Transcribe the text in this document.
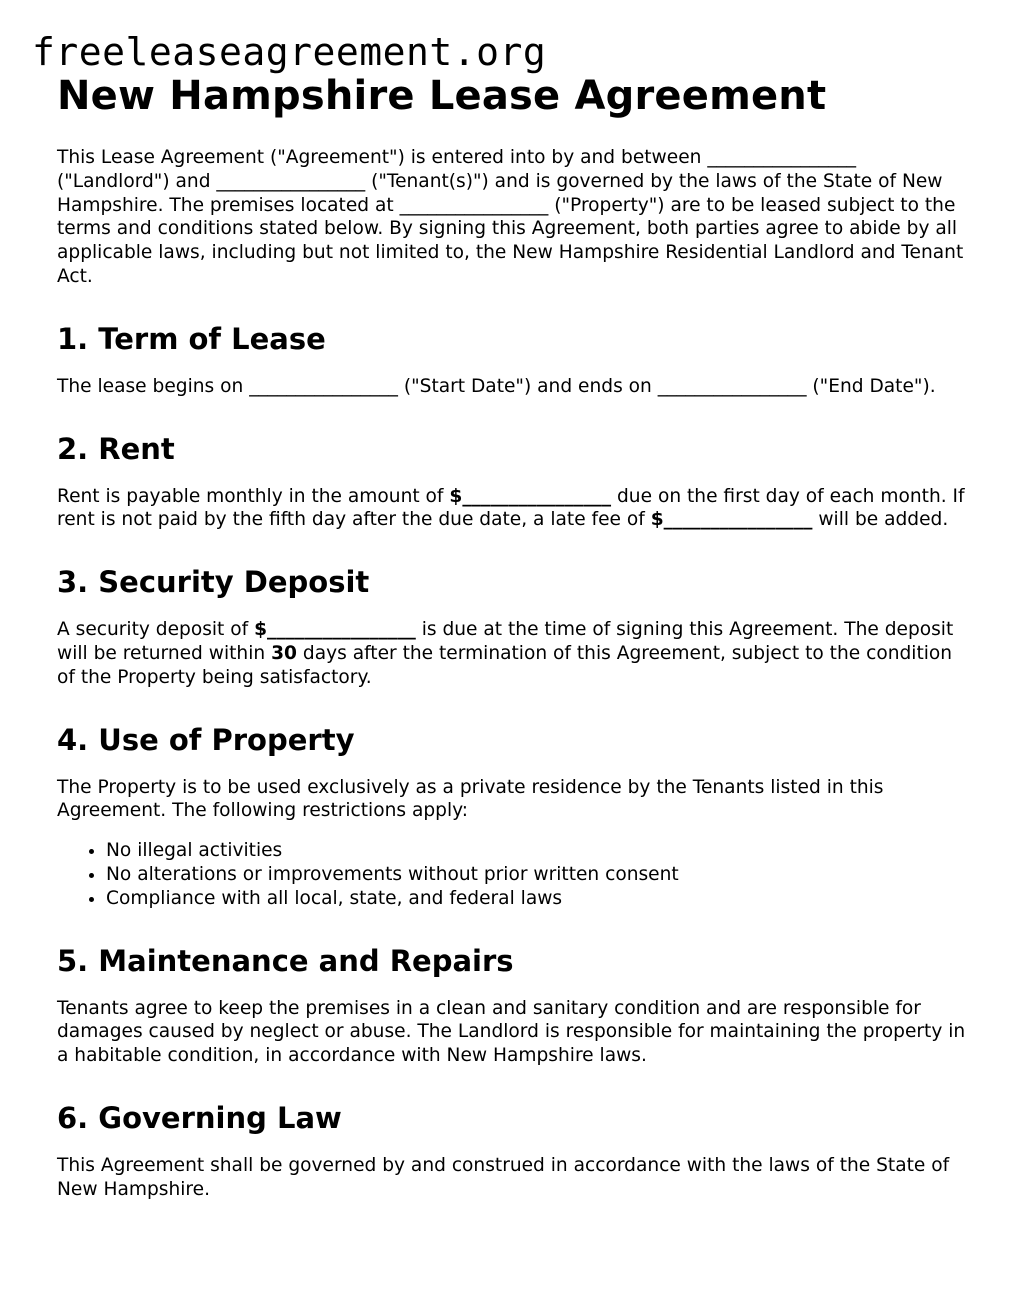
freeleaseagreement.org
New Hampshire Lease Agreement

This Lease Agreement ("Agreement") is entered into by and between ________________ ("Landlord") and ________________ ("Tenant(s)") and is governed by the laws of the State of New Hampshire. The premises located at ________________ ("Property") are to be leased subject to the terms and conditions stated below. By signing this Agreement, both parties agree to abide by all applicable laws, including but not limited to, the New Hampshire Residential Landlord and Tenant Act.

1. Term of Lease

The lease begins on ________________ ("Start Date") and ends on ________________ ("End Date").

2. Rent

Rent is payable monthly in the amount of $________________ due on the first day of each month. If rent is not paid by the fifth day after the due date, a late fee of $________________ will be added.

3. Security Deposit

A security deposit of $________________ is due at the time of signing this Agreement. The deposit will be returned within 30 days after the termination of this Agreement, subject to the condition of the Property being satisfactory.

4. Use of Property

The Property is to be used exclusively as a private residence by the Tenants listed in this Agreement. The following restrictions apply:

• No illegal activities
• No alterations or improvements without prior written consent
• Compliance with all local, state, and federal laws
5. Maintenance and Repairs

Tenants agree to keep the premises in a clean and sanitary condition and are responsible for damages caused by neglect or abuse. The Landlord is responsible for maintaining the property in a habitable condition, in accordance with New Hampshire laws.

6. Governing Law

This Agreement shall be governed by and construed in accordance with the laws of the State of New Hampshire.
